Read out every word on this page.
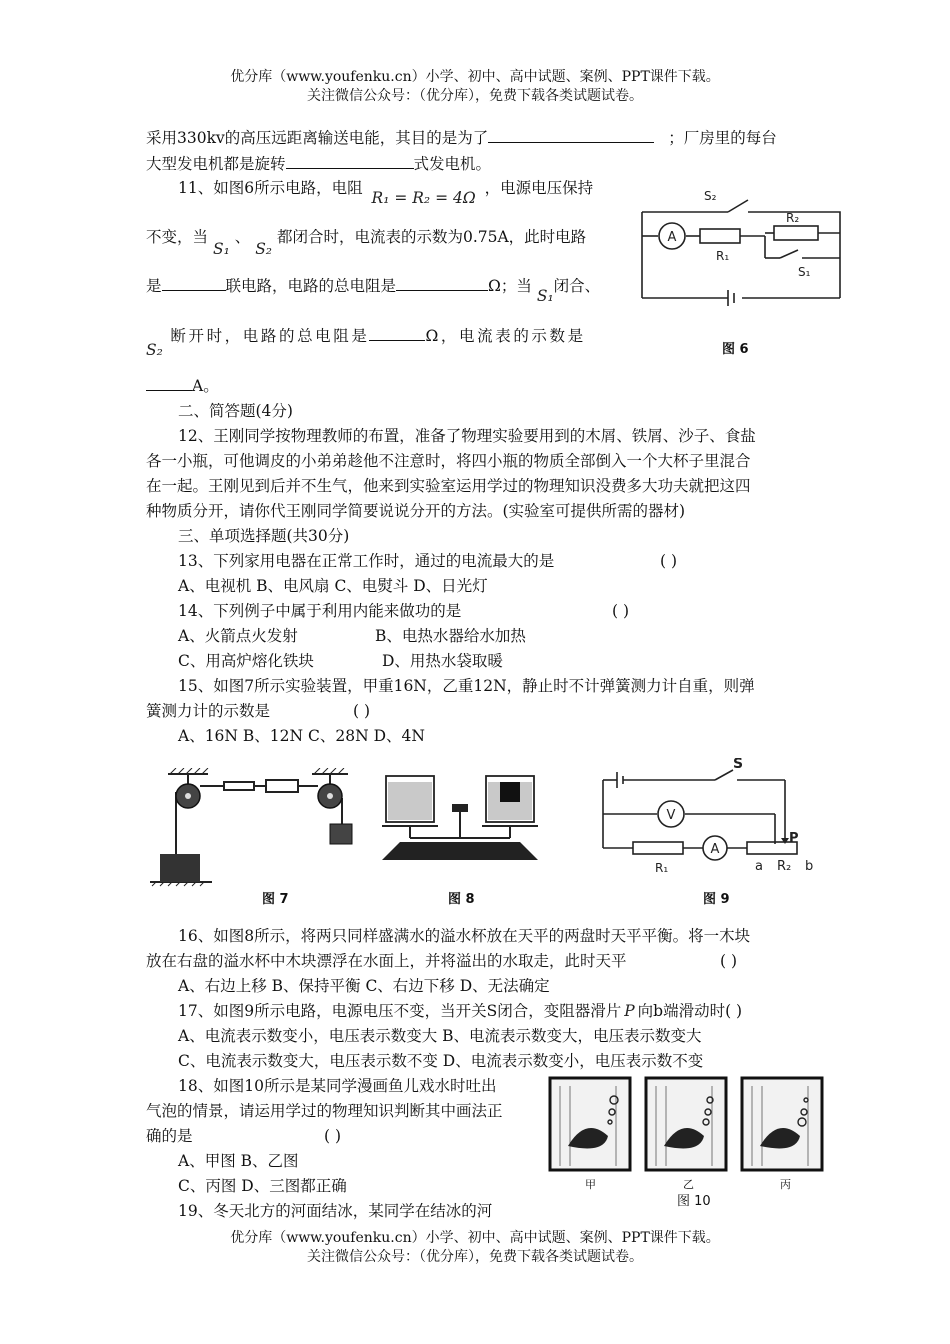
优分库（www.youfenku.cn）小学、初中、高中试题、案例、PPT课件下载。
关注微信公众号：（优分库），免费下载各类试题试卷。
采用330kv的高压远距离输送电能，其目的是为了	；厂房里的每台
大型发电机都是旋转	式发电机。
11、如图6所示电路，电阻 R₁ = R₂ = 4Ω ，电源电压保持
不变，当 S₁ 、 S₂ 都闭合时，电流表的示数为0.75A，此时电路
是	联电路，电路的总电阻是	Ω；当 S₁闭合、
S₂ 断开时，电路的总电阻是	Ω，电流表的示数是
A。
A
S₂
R₂
R₁
S₁
图 6
二、简答题(4分)
12、王刚同学按物理教师的布置，准备了物理实验要用到的木屑、铁屑、沙子、食盐
各一小瓶，可他调皮的小弟弟趁他不注意时，将四小瓶的物质全部倒入一个大杯子里混合
在一起。王刚见到后并不生气，他来到实验室运用学过的物理知识没费多大功夫就把这四
种物质分开，请你代王刚同学简要说说分开的方法。(实验室可提供所需的器材)
三、单项选择题(共30分)
13、下列家用电器在正常工作时，通过的电流最大的是	( )
A、电视机 B、电风扇 C、电熨斗 D、日光灯
14、下列例子中属于利用内能来做功的是	( )
A、火箭点火发射	B、电热水器给水加热
C、用高炉熔化铁块	D、用热水袋取暖
15、如图7所示实验装置，甲重16N，乙重12N，静止时不计弹簧测力计自重，则弹
簧测力计的示数是	( )
A、16N B、12N C、28N D、4N
图 7	图 8
V
A
S
P
R₁	a R₂ b
图 9
16、如图8所示，将两只同样盛满水的溢水杯放在天平的两盘时天平平衡。将一木块
放在右盘的溢水杯中木块漂浮在水面上，并将溢出的水取走，此时天平	( )
A、右边上移 B、保持平衡 C、右边下移 D、无法确定
17、如图9所示电路，电源电压不变，当开关S闭合，变阻器滑片 P 向b端滑动时( )
A、电流表示数变小，电压表示数变大 B、电流表示数变大，电压表示数变大
C、电流表示数变大，电压表示数不变 D、电流表示数变小，电压表示数不变
18、如图10所示是某同学漫画鱼儿戏水时吐出
气泡的情景，请运用学过的物理知识判断其中画法正
确的是	( )
A、甲图 B、乙图
C、丙图 D、三图都正确	甲	乙	丙
图 10
19、冬天北方的河面结冰，某同学在结冰的河
优分库（www.youfenku.cn）小学、初中、高中试题、案例、PPT课件下载。
关注微信公众号：（优分库），免费下载各类试题试卷。
